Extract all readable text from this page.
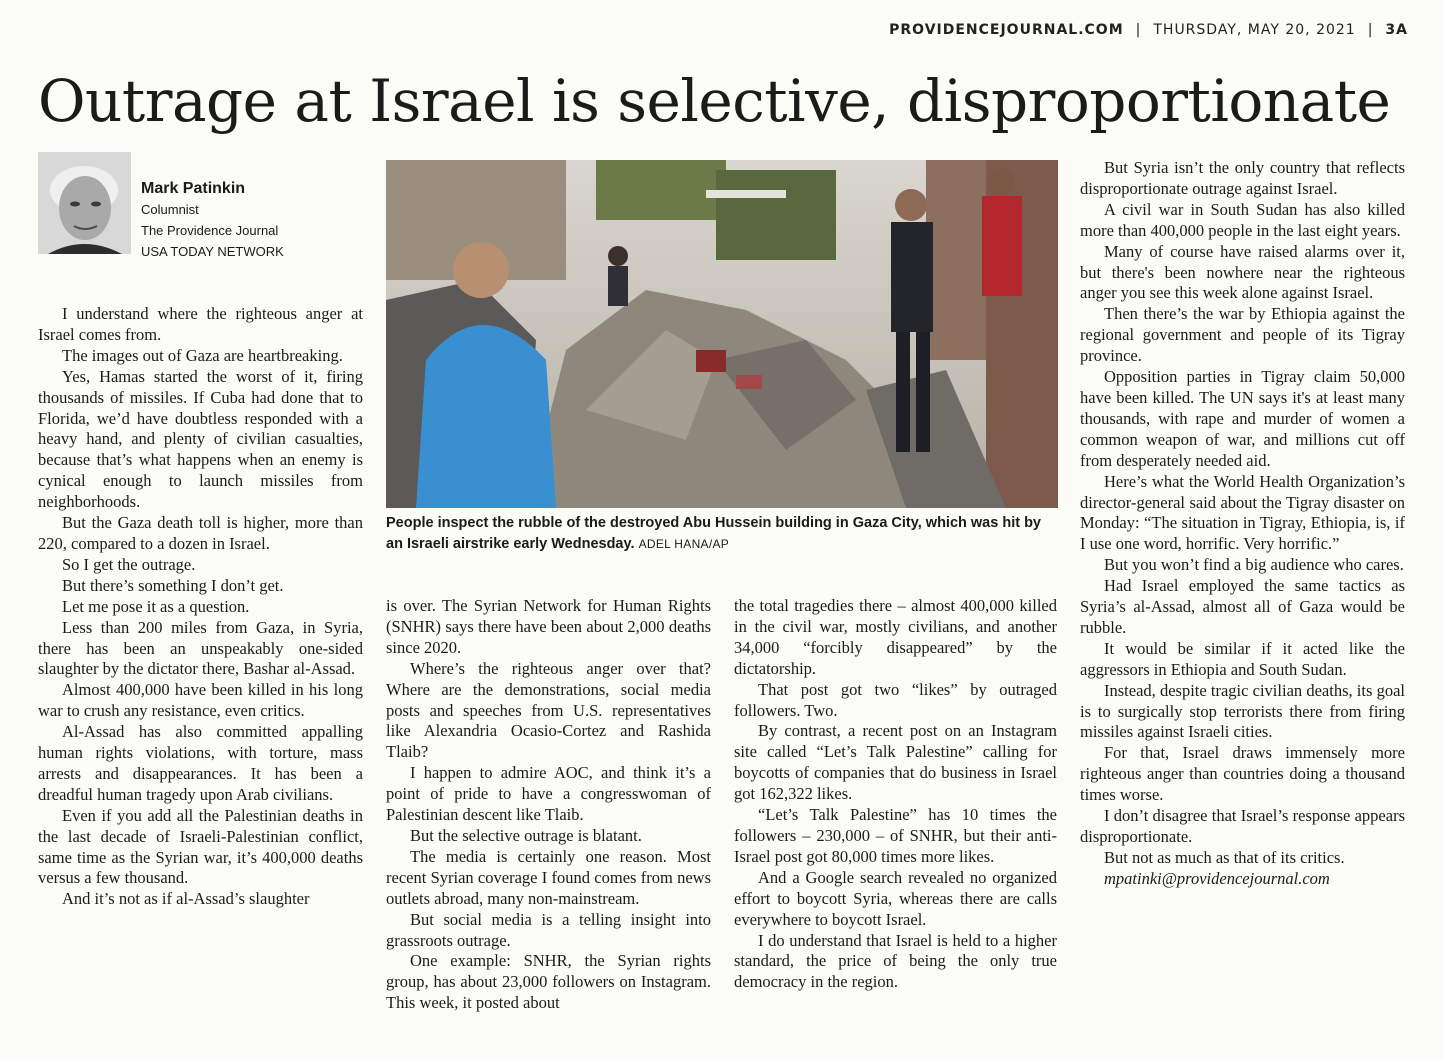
PROVIDENCEJOURNAL.COM | THURSDAY, MAY 20, 2021 | 3A
Outrage at Israel is selective, disproportionate
Mark Patinkin
Columnist
The Providence Journal
USA TODAY NETWORK

I understand where the righteous anger at Israel comes from.

The images out of Gaza are heartbreaking.

Yes, Hamas started the worst of it, firing thousands of missiles. If Cuba had done that to Florida, we’d have doubtless responded with a heavy hand, and plenty of civilian casualties, because that’s what happens when an enemy is cynical enough to launch missiles from neighborhoods.

But the Gaza death toll is higher, more than 220, compared to a dozen in Israel.

So I get the outrage.

But there’s something I don’t get.

Let me pose it as a question.

Less than 200 miles from Gaza, in Syria, there has been an unspeakably one-sided slaughter by the dictator there, Bashar al-Assad.

Almost 400,000 have been killed in his long war to crush any resistance, even critics.

Al-Assad has also committed appalling human rights violations, with torture, mass arrests and disappearances. It has been a dreadful human tragedy upon Arab civilians.

Even if you add all the Palestinian deaths in the last decade of Israeli-Palestinian conflict, same time as the Syrian war, it’s 400,000 deaths versus a few thousand.

And it’s not as if al-Assad’s slaughter

People inspect the rubble of the destroyed Abu Hussein building in Gaza City, which was hit by an Israeli airstrike early Wednesday. ADEL HANA/AP

is over. The Syrian Network for Human Rights (SNHR) says there have been about 2,000 deaths since 2020.

Where’s the righteous anger over that? Where are the demonstrations, social media posts and speeches from U.S. representatives like Alexandria Ocasio-Cortez and Rashida Tlaib?

I happen to admire AOC, and think it’s a point of pride to have a congresswoman of Palestinian descent like Tlaib.

But the selective outrage is blatant.

The media is certainly one reason. Most recent Syrian coverage I found comes from news outlets abroad, many non-mainstream.

But social media is a telling insight into grassroots outrage.

One example: SNHR, the Syrian rights group, has about 23,000 followers on Instagram. This week, it posted about

the total tragedies there – almost 400,000 killed in the civil war, mostly civilians, and another 34,000 “forcibly disappeared” by the dictatorship.

That post got two “likes” by outraged followers. Two.

By contrast, a recent post on an Instagram site called “Let’s Talk Palestine” calling for boycotts of companies that do business in Israel got 162,322 likes.

“Let’s Talk Palestine” has 10 times the followers – 230,000 – of SNHR, but their anti-Israel post got 80,000 times more likes.

And a Google search revealed no organized effort to boycott Syria, whereas there are calls everywhere to boycott Israel.

I do understand that Israel is held to a higher standard, the price of being the only true democracy in the region.

But Syria isn’t the only country that reflects disproportionate outrage against Israel.

A civil war in South Sudan has also killed more than 400,000 people in the last eight years.

Many of course have raised alarms over it, but there's been nowhere near the righteous anger you see this week alone against Israel.

Then there’s the war by Ethiopia against the regional government and people of its Tigray province.

Opposition parties in Tigray claim 50,000 have been killed. The UN says it's at least many thousands, with rape and murder of women a common weapon of war, and millions cut off from desperately needed aid.

Here’s what the World Health Organization’s director-general said about the Tigray disaster on Monday: “The situation in Tigray, Ethiopia, is, if I use one word, horrific. Very horrific.”

But you won’t find a big audience who cares.

Had Israel employed the same tactics as Syria’s al-Assad, almost all of Gaza would be rubble.

It would be similar if it acted like the aggressors in Ethiopia and South Sudan.

Instead, despite tragic civilian deaths, its goal is to surgically stop terrorists there from firing missiles against Israeli cities.

For that, Israel draws immensely more righteous anger than countries doing a thousand times worse.

I don’t disagree that Israel’s response appears disproportionate.

But not as much as that of its critics.

mpatinki@providencejournal.com
